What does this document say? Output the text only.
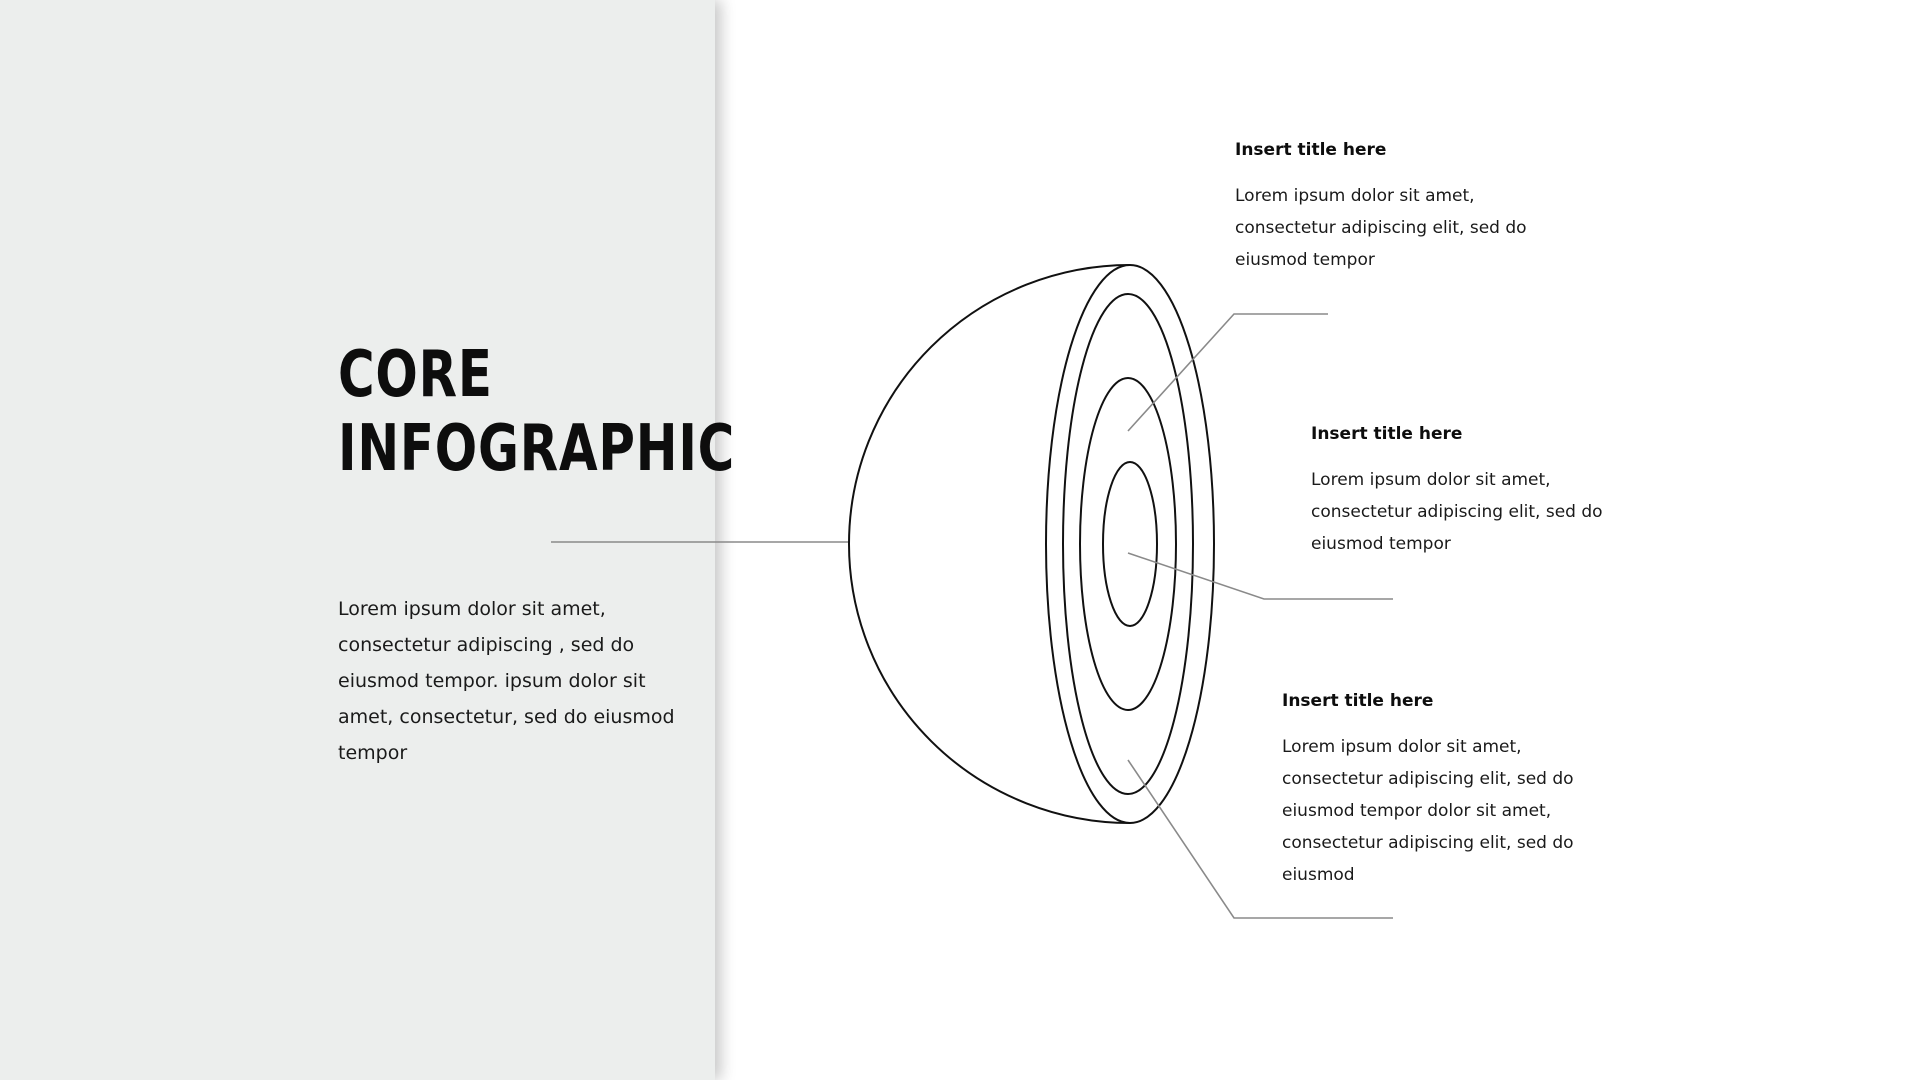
CORE
INFOGRAPHIC

Lorem ipsum dolor sit amet, consectetur adipiscing , sed do eiusmod tempor. ipsum dolor sit amet, consectetur, sed do eiusmod tempor

Insert title here

Lorem ipsum dolor sit amet, consectetur adipiscing elit, sed do eiusmod tempor

Insert title here

Lorem ipsum dolor sit amet, consectetur adipiscing elit, sed do eiusmod tempor

Insert title here

Lorem ipsum dolor sit amet, consectetur adipiscing elit, sed do eiusmod tempor dolor sit amet, consectetur adipiscing elit, sed do eiusmod
